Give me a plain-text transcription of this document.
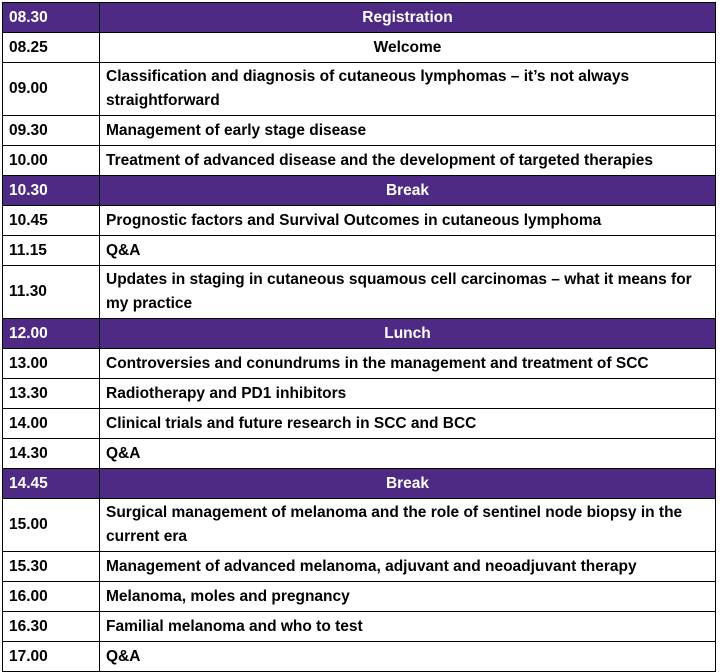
08.30	Registration
08.25	Welcome
09.00	Classification and diagnosis of cutaneous lymphomas – it’s not always straightforward
09.30	Management of early stage disease
10.00	Treatment of advanced disease and the development of targeted therapies
10.30	Break
10.45	Prognostic factors and Survival Outcomes in cutaneous lymphoma
11.15	Q&A
11.30	Updates in staging in cutaneous squamous cell carcinomas – what it means for my practice
12.00	Lunch
13.00	Controversies and conundrums in the management and treatment of SCC
13.30	Radiotherapy and PD1 inhibitors
14.00	Clinical trials and future research in SCC and BCC
14.30	Q&A
14.45	Break
15.00	Surgical management of melanoma and the role of sentinel node biopsy in the current era
15.30	Management of advanced melanoma, adjuvant and neoadjuvant therapy
16.00	Melanoma, moles and pregnancy
16.30	Familial melanoma and who to test
17.00	Q&A
